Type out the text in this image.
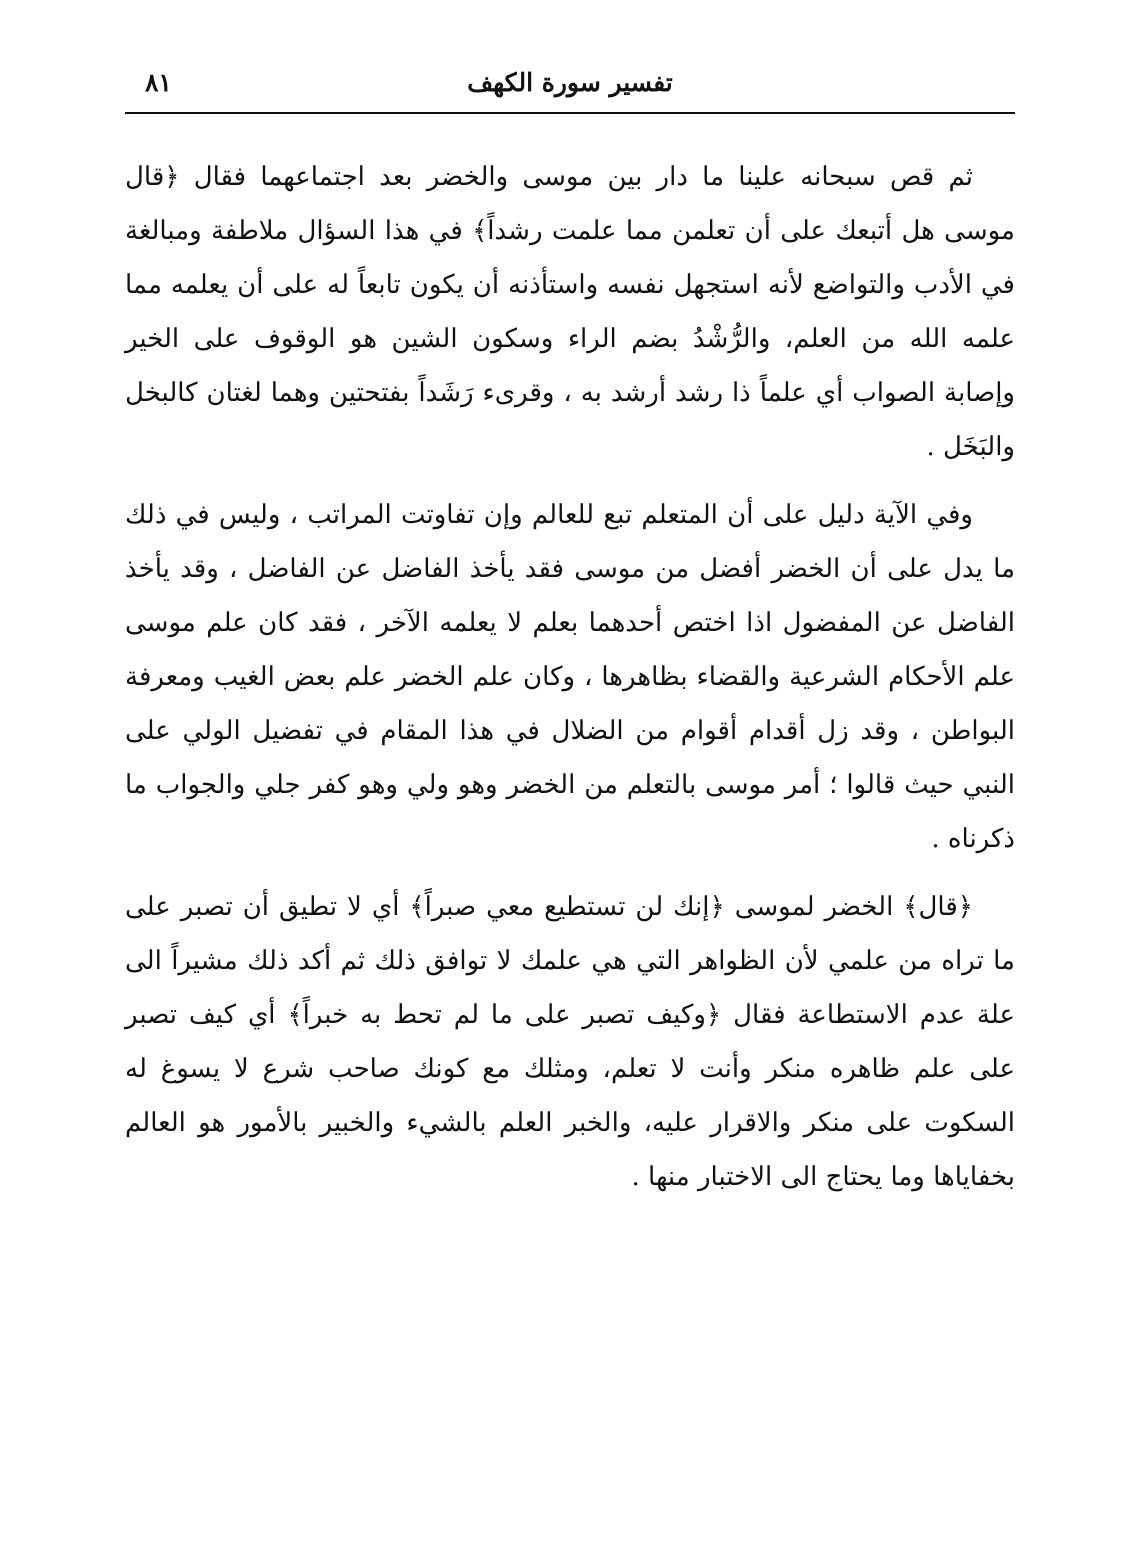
تفسير سورة الكهف
٨١

ثم قص سبحانه علينا ما دار بين موسى والخضر بعد اجتماعهما فقال ﴿قال موسى هل أتبعك على أن تعلمن مما علمت رشداً﴾ في هذا السؤال ملاطفة ومبالغة في الأدب والتواضع لأنه استجهل نفسه واستأذنه أن يكون تابعاً له على أن يعلمه مما علمه الله من العلم، والرُّشْدُ بضم الراء وسكون الشين هو الوقوف على الخير وإصابة الصواب أي علماً ذا رشد أرشد به ، وقرىء رَشَداً بفتحتين وهما لغتان كالبخل والبَخَل .

وفي الآية دليل على أن المتعلم تبع للعالم وإن تفاوتت المراتب ، وليس في ذلك ما يدل على أن الخضر أفضل من موسى فقد يأخذ الفاضل عن الفاضل ، وقد يأخذ الفاضل عن المفضول اذا اختص أحدهما بعلم لا يعلمه الآخر ، فقد كان علم موسى علم الأحكام الشرعية والقضاء بظاهرها ، وكان علم الخضر علم بعض الغيب ومعرفة البواطن ، وقد زل أقدام أقوام من الضلال في هذا المقام في تفضيل الولي على النبي حيث قالوا ؛ أمر موسى بالتعلم من الخضر وهو ولي وهو كفر جلي والجواب ما ذكرناه .

﴿قال﴾ الخضر لموسى ﴿إنك لن تستطيع معي صبراً﴾ أي لا تطيق أن تصبر على ما تراه من علمي لأن الظواهر التي هي علمك لا توافق ذلك ثم أكد ذلك مشيراً الى علة عدم الاستطاعة فقال ﴿وكيف تصبر على ما لم تحط به خبراً﴾ أي كيف تصبر على علم ظاهره منكر وأنت لا تعلم، ومثلك مع كونك صاحب شرع لا يسوغ له السكوت على منكر والاقرار عليه، والخبر العلم بالشيء والخبير بالأمور هو العالم بخفاياها وما يحتاج الى الاختبار منها .
